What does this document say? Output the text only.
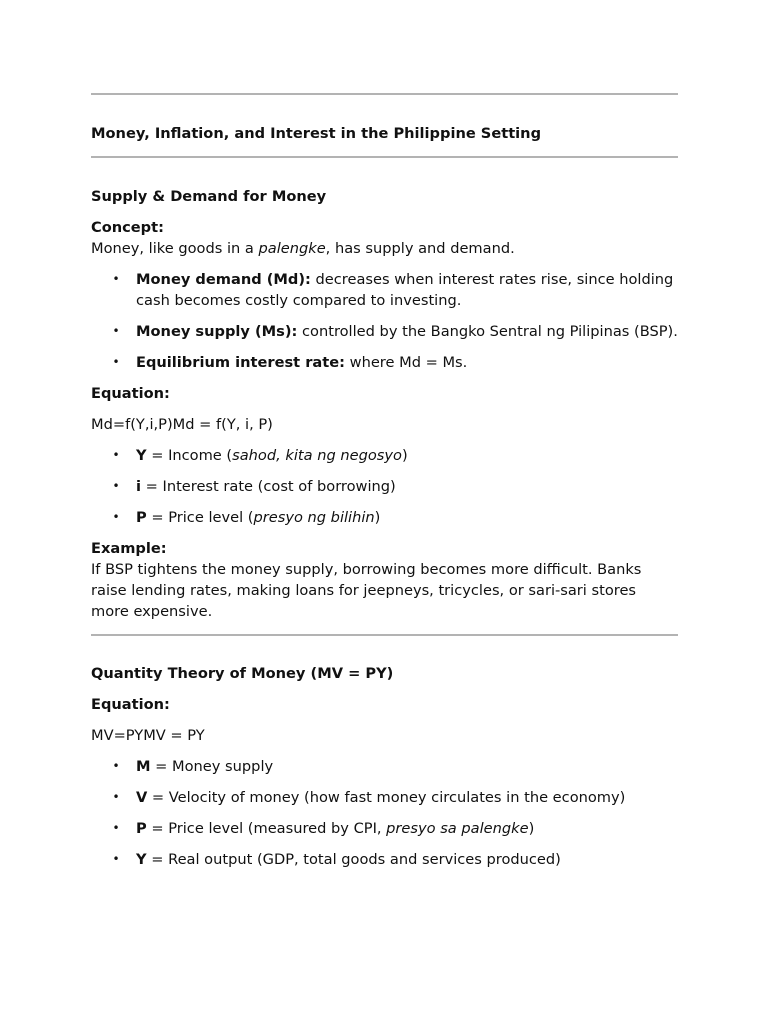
Money, Inflation, and Interest in the Philippine Setting

Supply & Demand for Money

Concept:

Money, like goods in a palengke, has supply and demand.

• Money demand (Md): decreases when interest rates rise, since holding cash becomes costly compared to investing.
• Money supply (Ms): controlled by the Bangko Sentral ng Pilipinas (BSP).
• Equilibrium interest rate: where Md = Ms.

Equation:

Md=f(Y,i,P)Md = f(Y, i, P)

• Y = Income (sahod, kita ng negosyo)
• i = Interest rate (cost of borrowing)
• P = Price level (presyo ng bilihin)

Example:

If BSP tightens the money supply, borrowing becomes more difficult. Banks raise lending rates, making loans for jeepneys, tricycles, or sari-sari stores more expensive.

Quantity Theory of Money (MV = PY)

Equation:

MV=PYMV = PY

• M = Money supply
• V = Velocity of money (how fast money circulates in the economy)
• P = Price level (measured by CPI, presyo sa palengke)
• Y = Real output (GDP, total goods and services produced)
